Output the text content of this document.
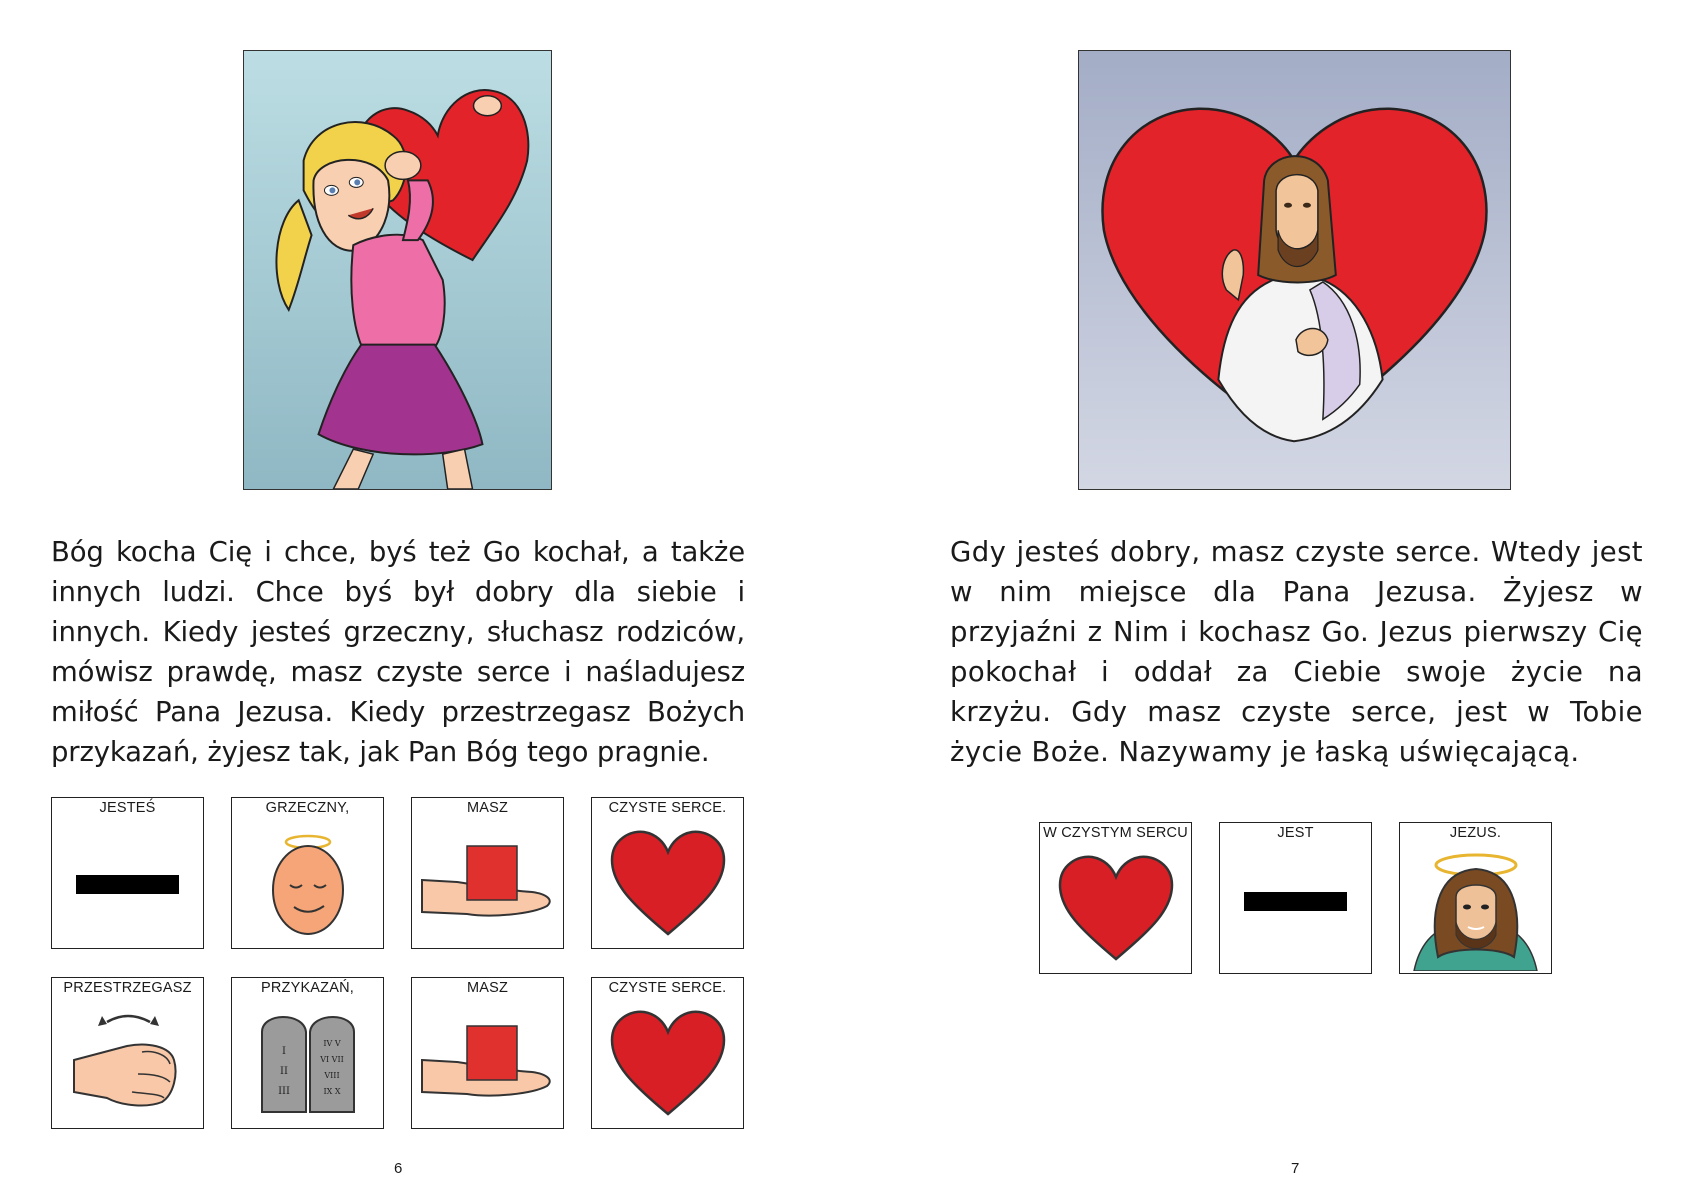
Bóg kocha Cię i chce, byś też Go kochał, a także innych ludzi. Chce byś był dobry dla siebie i innych. Kiedy jesteś grzeczny, słuchasz rodziców, mówisz prawdę, masz czyste serce i naśladujesz miłość Pana Jezusa. Kiedy przestrzegasz Bożych przykazań, żyjesz tak, jak Pan Bóg tego pragnie.

JESTEŚ	GRZECZNY,	MASZ	CZYSTE SERCE.
PRZESTRZEGASZ	PRZYKAZAŃ,
I
II
III
IV V
VI VII
VIII
IX X
MASZ	CZYSTE SERCE.
6

Gdy jesteś dobry, masz czyste serce. Wtedy jest w nim miejsce dla Pana Jezusa. Żyjesz w przyjaźni z Nim i kochasz Go. Jezus pierwszy Cię pokochał i oddał za Ciebie swoje życie na krzyżu. Gdy masz czyste serce, jest w Tobie życie Boże. Nazywamy je łaską uświęcającą.

W CZYSTYM SERCU	JEST	JEZUS.
7
